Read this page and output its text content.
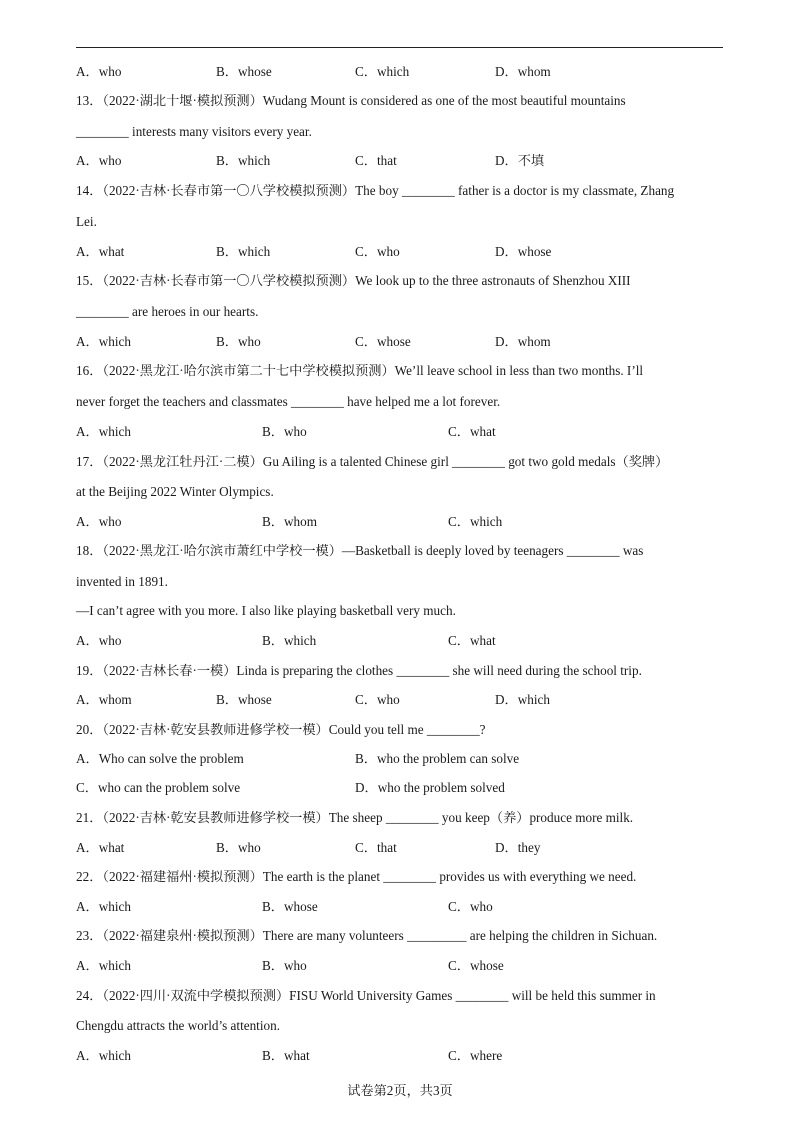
A．who	B．whose	C．which	D．whom
13．（2022·湖北十堰·模拟预测）Wudang Mount is considered as one of the most beautiful mountains
________ interests many visitors every year.
A．who	B．which	C．that	D．不填
14．（2022·吉林·长春市第一〇八学校模拟预测）The boy ________ father is a doctor is my classmate, Zhang
Lei.
A．what	B．which	C．who	D．whose
15．（2022·吉林·长春市第一〇八学校模拟预测）We look up to the three astronauts of Shenzhou XIII
________ are heroes in our hearts.
A．which	B．who	C．whose	D．whom
16．（2022·黑龙江·哈尔滨市第二十七中学校模拟预测）We’ll leave school in less than two months. I’ll
never forget the teachers and classmates ________ have helped me a lot forever.
A．which	B．who	C．what
17．（2022·黑龙江牡丹江·二模）Gu Ailing is a talented Chinese girl ________ got two gold medals（奖牌）
at the Beijing 2022 Winter Olympics.
A．who	B．whom	C．which
18．（2022·黑龙江·哈尔滨市萧红中学校一模）—Basketball is deeply loved by teenagers ________ was
invented in 1891.
—I can’t agree with you more. I also like playing basketball very much.
A．who	B．which	C．what
19．（2022·吉林长春·一模）Linda is preparing the clothes ________ she will need during the school trip.
A．whom	B．whose	C．who	D．which
20．（2022·吉林·乾安县教师进修学校一模）Could you tell me ________?
A．Who can solve the problem	B．who the problem can solve
C．who can the problem solve	D．who the problem solved
21．（2022·吉林·乾安县教师进修学校一模）The sheep ________ you keep（养）produce more milk.
A．what	B．who	C．that	D．they
22．（2022·福建福州·模拟预测）The earth is the planet ________ provides us with everything we need.
A．which	B．whose	C．who
23．（2022·福建泉州·模拟预测）There are many volunteers _________ are helping the children in Sichuan.
A．which	B．who	C．whose
24．（2022·四川·双流中学模拟预测）FISU World University Games ________ will be held this summer in
Chengdu attracts the world’s attention.
A．which	B．what	C．where
试卷第2页，共3页
